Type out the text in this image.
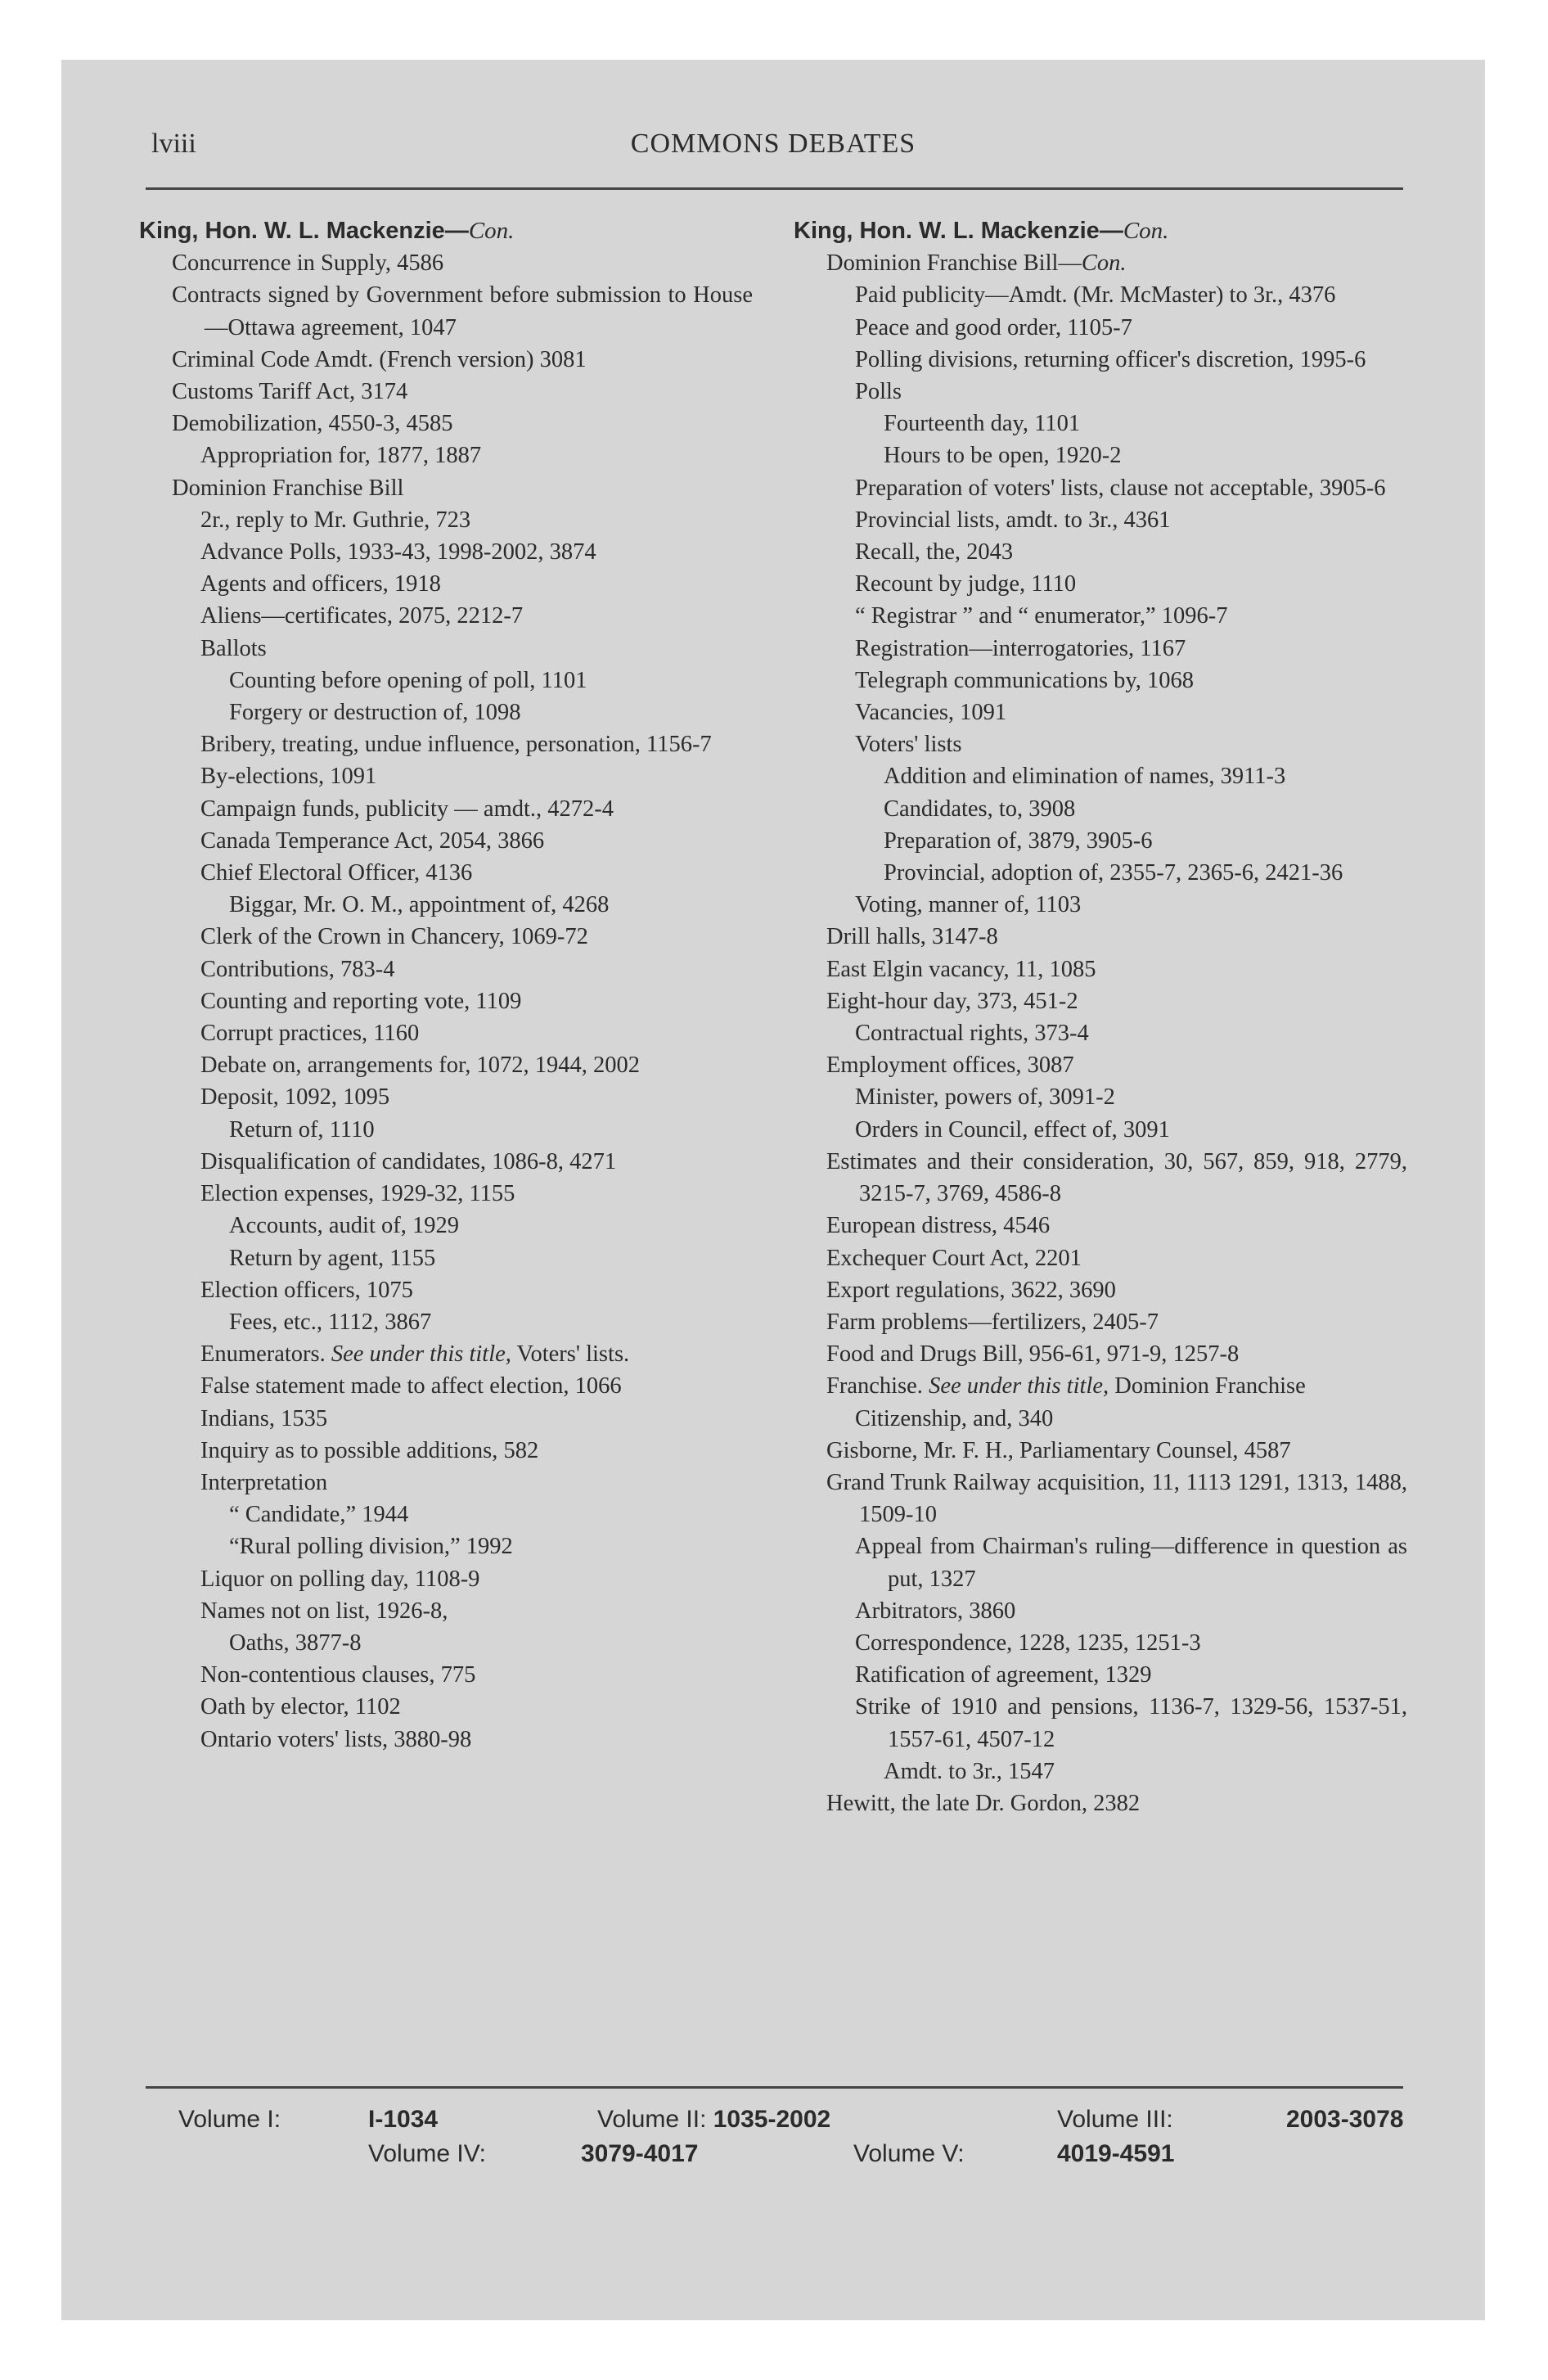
lviii	COMMONS DEBATES

King, Hon. W. L. Mackenzie—Con.

Concurrence in Supply, 4586

Contracts signed by Government before submission to House—Ottawa agreement, 1047

Criminal Code Amdt. (French version) 3081

Customs Tariff Act, 3174

Demobilization, 4550-3, 4585

Appropriation for, 1877, 1887

Dominion Franchise Bill

2r., reply to Mr. Guthrie, 723

Advance Polls, 1933-43, 1998-2002, 3874

Agents and officers, 1918

Aliens—certificates, 2075, 2212-7

Ballots

Counting before opening of poll, 1101

Forgery or destruction of, 1098

Bribery, treating, undue influence, personation, 1156-7

By-elections, 1091

Campaign funds, publicity — amdt., 4272-4

Canada Temperance Act, 2054, 3866

Chief Electoral Officer, 4136

Biggar, Mr. O. M., appointment of, 4268

Clerk of the Crown in Chancery, 1069-72

Contributions, 783-4

Counting and reporting vote, 1109

Corrupt practices, 1160

Debate on, arrangements for, 1072, 1944, 2002

Deposit, 1092, 1095

Return of, 1110

Disqualification of candidates, 1086-8, 4271

Election expenses, 1929-32, 1155

Accounts, audit of, 1929

Return by agent, 1155

Election officers, 1075

Fees, etc., 1112, 3867

Enumerators. See under this title, Voters' lists.

False statement made to affect election, 1066

Indians, 1535

Inquiry as to possible additions, 582

Interpretation

“ Candidate,” 1944

“Rural polling division,” 1992

Liquor on polling day, 1108-9

Names not on list, 1926-8,

Oaths, 3877-8

Non-contentious clauses, 775

Oath by elector, 1102

Ontario voters' lists, 3880-98

King, Hon. W. L. Mackenzie—Con.

Dominion Franchise Bill—Con.

Paid publicity—Amdt. (Mr. McMaster) to 3r., 4376

Peace and good order, 1105-7

Polling divisions, returning officer's discretion, 1995-6

Polls

Fourteenth day, 1101

Hours to be open, 1920-2

Preparation of voters' lists, clause not acceptable, 3905-6

Provincial lists, amdt. to 3r., 4361

Recall, the, 2043

Recount by judge, 1110

“ Registrar ” and “ enumerator,” 1096-7

Registration—interrogatories, 1167

Telegraph communications by, 1068

Vacancies, 1091

Voters' lists

Addition and elimination of names, 3911-3

Candidates, to, 3908

Preparation of, 3879, 3905-6

Provincial, adoption of, 2355-7, 2365-6, 2421-36

Voting, manner of, 1103

Drill halls, 3147-8

East Elgin vacancy, 11, 1085

Eight-hour day, 373, 451-2

Contractual rights, 373-4

Employment offices, 3087

Minister, powers of, 3091-2

Orders in Council, effect of, 3091

Estimates and their consideration, 30, 567, 859, 918, 2779, 3215-7, 3769, 4586-8

European distress, 4546

Exchequer Court Act, 2201

Export regulations, 3622, 3690

Farm problems—fertilizers, 2405-7

Food and Drugs Bill, 956-61, 971-9, 1257-8

Franchise. See under this title, Dominion Franchise

Citizenship, and, 340

Gisborne, Mr. F. H., Parliamentary Counsel, 4587

Grand Trunk Railway acquisition, 11, 1113 1291, 1313, 1488, 1509-10

Appeal from Chairman's ruling—difference in question as put, 1327

Arbitrators, 3860

Correspondence, 1228, 1235, 1251-3

Ratification of agreement, 1329

Strike of 1910 and pensions, 1136-7, 1329-56, 1537-51, 1557-61, 4507-12

Amdt. to 3r., 1547

Hewitt, the late Dr. Gordon, 2382

Volume I:	I-1034	Volume II: 1035-2002	Volume III:	2003-3078
Volume IV:	3079-4017	Volume V:	4019-4591
